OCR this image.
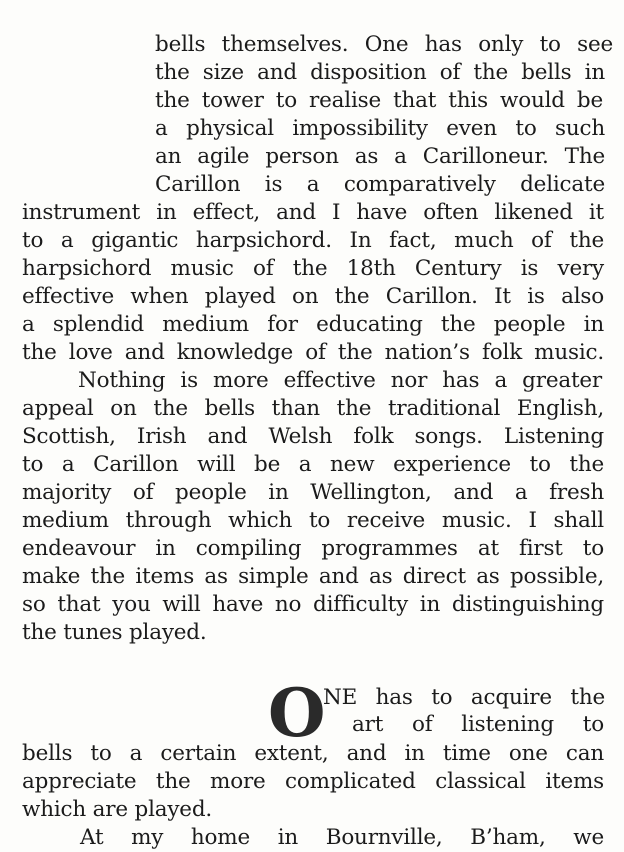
bells themselves. One has only to see
the size and disposition of the bells in
the tower to realise that this would be
a physical impossibility even to such
an agile person as a Carilloneur. The
Carillon is a comparatively delicate
instrument in effect, and I have often likened it
to a gigantic harpsichord. In fact, much of the
harpsichord music of the 18th Century is very
effective when played on the Carillon. It is also
a splendid medium for educating the people in
the love and knowledge of the nation’s folk music.
Nothing is more effective nor has a greater
appeal on the bells than the traditional English,
Scottish, Irish and Welsh folk songs. Listening
to a Carillon will be a new experience to the
majority of people in Wellington, and a fresh
medium through which to receive music. I shall
endeavour in compiling programmes at first to
make the items as simple and as direct as possible,
so that you will have no difficulty in distinguishing
the tunes played.
O
NE has to acquire the
art of listening to
bells to a certain extent, and in time one can
appreciate the more complicated classical items
which are played.
At my home in Bournville, B’ham, we
